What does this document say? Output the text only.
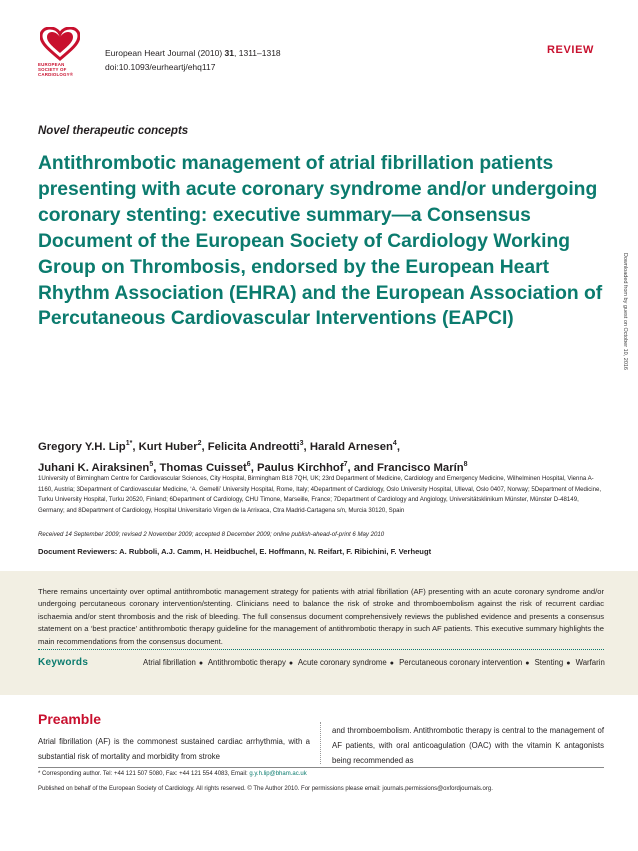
EUROPEAN
SOCIETY OF
CARDIOLOGY®
European Heart Journal (2010) 31, 1311–1318
doi:10.1093/eurheartj/ehq117
REVIEW
Downloaded from by guest on October 10, 2016
Novel therapeutic concepts
Antithrombotic management of atrial fibrillation patients presenting with acute coronary syndrome and/or undergoing coronary stenting: executive summary—a Consensus Document of the European Society of Cardiology Working Group on Thrombosis, endorsed by the European Heart Rhythm Association (EHRA) and the European Association of Percutaneous Cardiovascular Interventions (EAPCI)
Gregory Y.H. Lip$^{1*}$, Kurt Huber$^2$, Felicita Andreotti$^3$, Harald Arnesen$^4$,
Juhani K. Airaksinen$^5$, Thomas Cuisset$^6$, Paulus Kirchhof$^7$, and Francisco Marín$^8$
1University of Birmingham Centre for Cardiovascular Sciences, City Hospital, Birmingham B18 7QH, UK; 23rd Department of Medicine, Cardiology and Emergency Medicine, Wilhelminen Hospital, Vienna A-1160, Austria; 3Department of Cardiovascular Medicine, ‘A. Gemelli’ University Hospital, Rome, Italy; 4Department of Cardiology, Oslo University Hospital, Ulleval, Oslo 0407, Norway; 5Department of Medicine, Turku University Hospital, Turku 20520, Finland; 6Department of Cardiology, CHU Timone, Marseille, France; 7Department of Cardiology and Angiology, Universitätsklinikum Münster, Münster D-48149, Germany; and 8Department of Cardiology, Hospital Universitario Virgen de la Arrixaca, Ctra Madrid-Cartagena s/n, Murcia 30120, Spain
Received 14 September 2009; revised 2 November 2009; accepted 8 December 2009; online publish-ahead-of-print 6 May 2010
Document Reviewers: A. Rubboli, A.J. Camm, H. Heidbuchel, E. Hoffmann, N. Reifart, F. Ribichini, F. Verheugt
There remains uncertainty over optimal antithrombotic management strategy for patients with atrial fibrillation (AF) presenting with an acute coronary syndrome and/or undergoing percutaneous coronary intervention/stenting. Clinicians need to balance the risk of stroke and thromboembolism against the risk of recurrent cardiac ischaemia and/or stent thrombosis and the risk of bleeding. The full consensus document comprehensively reviews the published evidence and presents a consensus statement on a ‘best practice’ antithrombotic therapy guideline for the management of antithrombotic therapy in such AF patients. This executive summary highlights the main recommendations from the consensus document.
Keywords	Atrial fibrillation ● Antithrombotic therapy ● Acute coronary syndrome ● Percutaneous coronary intervention ● Stenting ● Warfarin
Preamble
Atrial fibrillation (AF) is the commonest sustained cardiac arrhythmia, with a substantial risk of mortality and morbidity from stroke
and thromboembolism. Antithrombotic therapy is central to the management of AF patients, with oral anticoagulation (OAC) with the vitamin K antagonists being recommended as
* Corresponding author. Tel: +44 121 507 5080, Fax: +44 121 554 4083, Email: g.y.h.lip@bham.ac.uk
Published on behalf of the European Society of Cardiology. All rights reserved. © The Author 2010. For permissions please email: journals.permissions@oxfordjournals.org.
